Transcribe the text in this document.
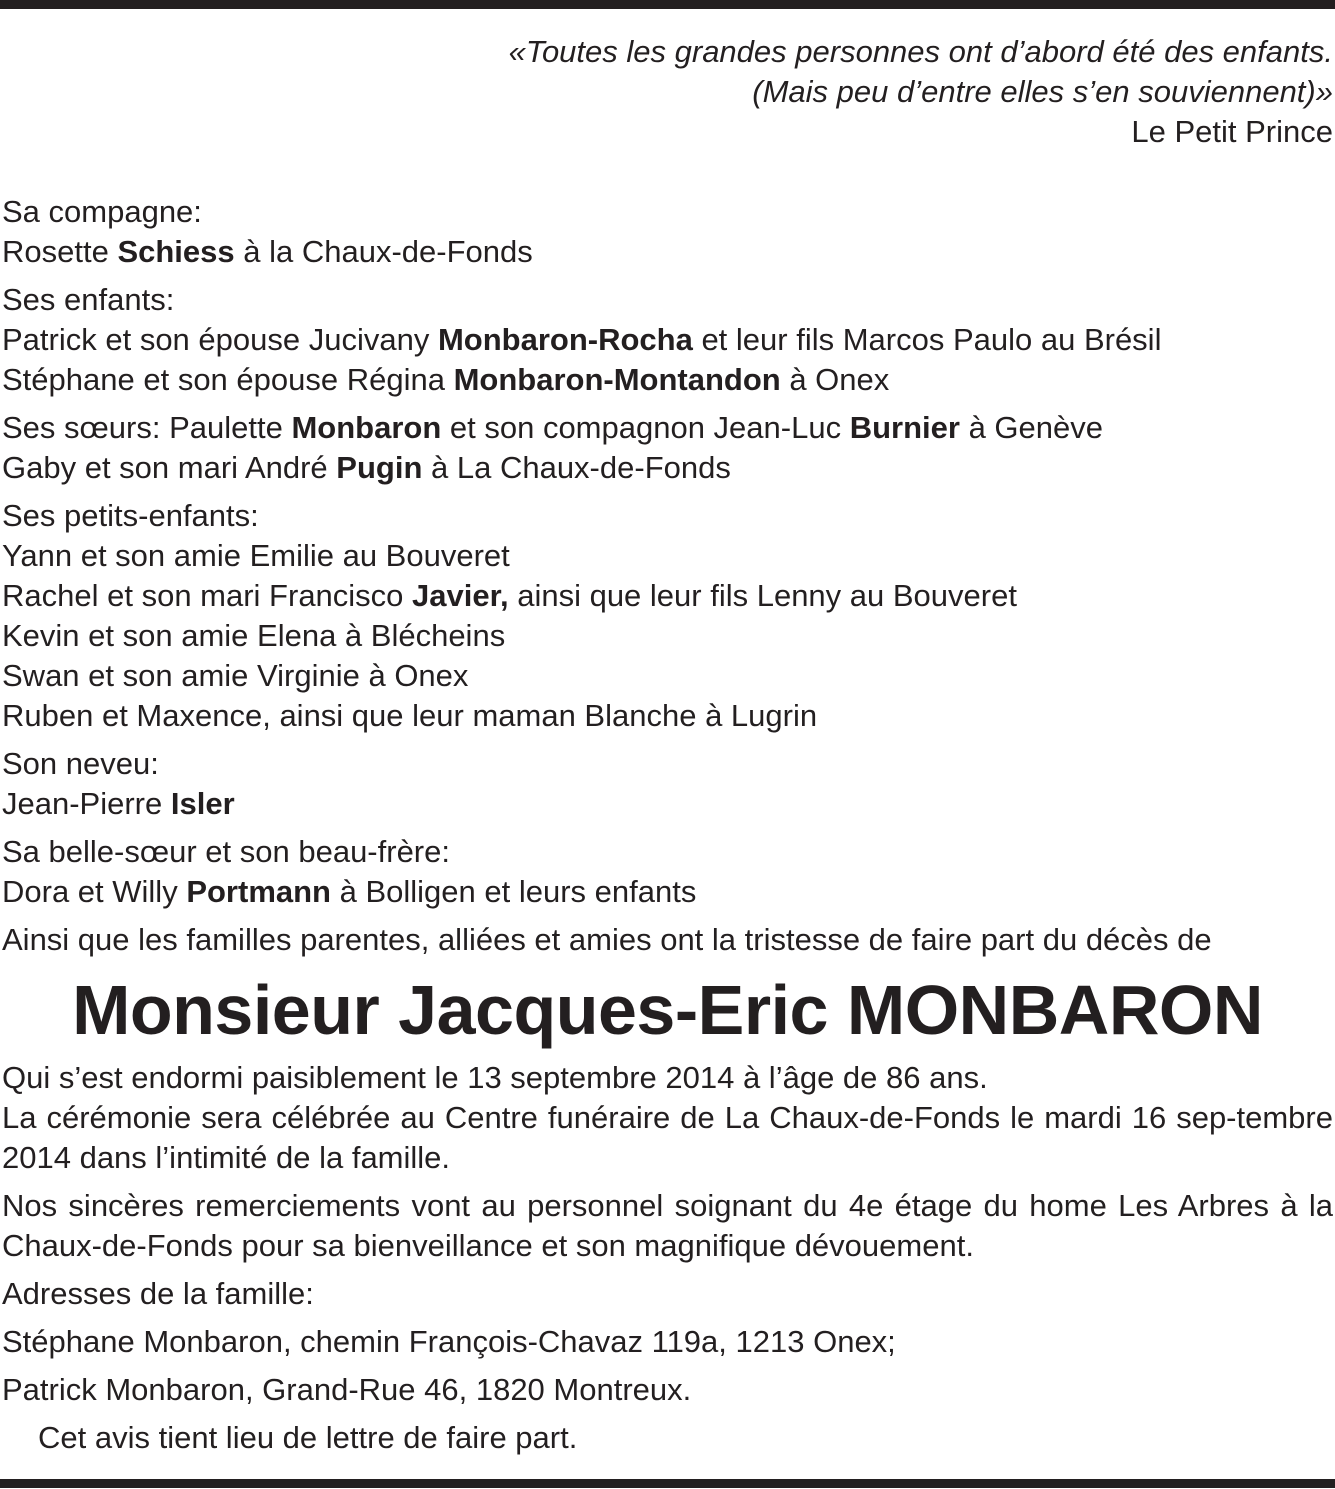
«Toutes les grandes personnes ont d’abord été des enfants.
(Mais peu d’entre elles s’en souviennent)»
Le Petit Prince
Sa compagne:
Rosette Schiess à la Chaux-de-Fonds
Ses enfants:
Patrick et son épouse Jucivany Monbaron-Rocha et leur fils Marcos Paulo au Brésil
Stéphane et son épouse Régina Monbaron-Montandon à Onex
Ses sœurs: Paulette Monbaron et son compagnon Jean-Luc Burnier à Genève
Gaby et son mari André Pugin à La Chaux-de-Fonds
Ses petits-enfants:
Yann et son amie Emilie au Bouveret
Rachel et son mari Francisco Javier, ainsi que leur fils Lenny au Bouveret
Kevin et son amie Elena à Blécheins
Swan et son amie Virginie à Onex
Ruben et Maxence, ainsi que leur maman Blanche à Lugrin
Son neveu:
Jean-Pierre Isler
Sa belle-sœur et son beau-frère:
Dora et Willy Portmann à Bolligen et leurs enfants
Ainsi que les familles parentes, alliées et amies ont la tristesse de faire part du décès de
Monsieur Jacques-Eric MONBARON
Qui s’est endormi paisiblement le 13 septembre 2014 à l’âge de 86 ans.
La cérémonie sera célébrée au Centre funéraire de La Chaux-de-Fonds le mardi 16 sep-tembre 2014 dans l’intimité de la famille.
Nos sincères remerciements vont au personnel soignant du 4e étage du home Les Arbres à la Chaux-de-Fonds pour sa bienveillance et son magnifique dévouement.
Adresses de la famille:
Stéphane Monbaron, chemin François-Chavaz 119a, 1213 Onex;
Patrick Monbaron, Grand-Rue 46, 1820 Montreux.
Cet avis tient lieu de lettre de faire part.
